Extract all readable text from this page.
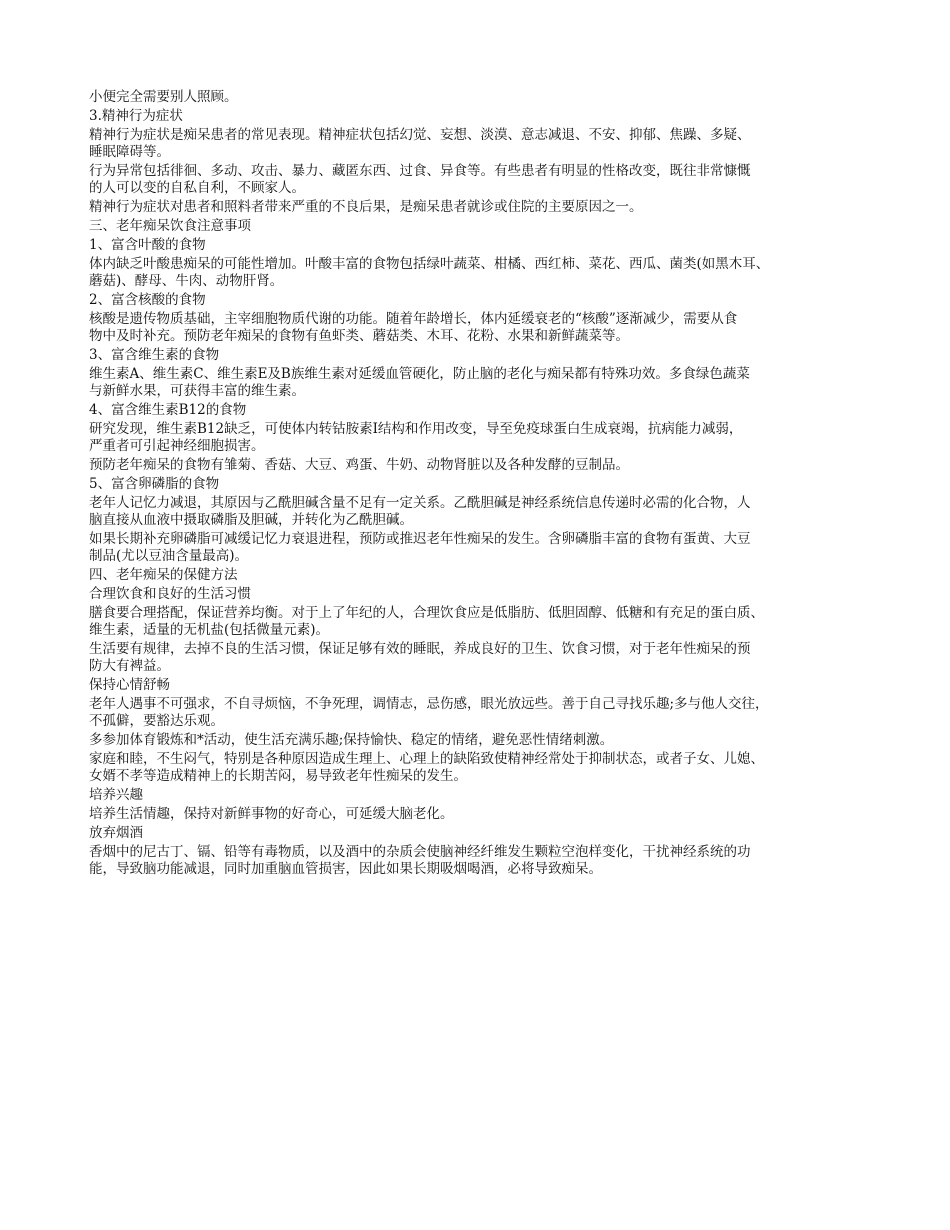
小便完全需要别人照顾。
3.精神行为症状
精神行为症状是痴呆患者的常见表现。精神症状包括幻觉、妄想、淡漠、意志减退、不安、抑郁、焦躁、多疑、
睡眠障碍等。
行为异常包括徘徊、多动、攻击、暴力、藏匿东西、过食、异食等。有些患者有明显的性格改变，既往非常慷慨
的人可以变的自私自利，不顾家人。
精神行为症状对患者和照料者带来严重的不良后果，是痴呆患者就诊或住院的主要原因之一。
三、老年痴呆饮食注意事项
1、富含叶酸的食物
体内缺乏叶酸患痴呆的可能性增加。叶酸丰富的食物包括绿叶蔬菜、柑橘、西红柿、菜花、西瓜、菌类(如黑木耳、
蘑菇)、酵母、牛肉、动物肝肾。
2、富含核酸的食物
核酸是遗传物质基础，主宰细胞物质代谢的功能。随着年龄增长，体内延缓衰老的“核酸”逐渐减少，需要从食
物中及时补充。预防老年痴呆的食物有鱼虾类、蘑菇类、木耳、花粉、水果和新鲜蔬菜等。
3、富含维生素的食物
维生素A、维生素C、维生素E及B族维生素对延缓血管硬化，防止脑的老化与痴呆都有特殊功效。多食绿色蔬菜
与新鲜水果，可获得丰富的维生素。
4、富含维生素B12的食物
研究发现，维生素B12缺乏，可使体内转钴胺素Ⅰ结构和作用改变，导至免疫球蛋白生成衰竭，抗病能力减弱，
严重者可引起神经细胞损害。
预防老年痴呆的食物有雏菊、香菇、大豆、鸡蛋、牛奶、动物肾脏以及各种发酵的豆制品。
5、富含卵磷脂的食物
老年人记忆力减退，其原因与乙酰胆碱含量不足有一定关系。乙酰胆碱是神经系统信息传递时必需的化合物，人
脑直接从血液中摄取磷脂及胆碱，并转化为乙酰胆碱。
如果长期补充卵磷脂可减缓记忆力衰退进程，预防或推迟老年性痴呆的发生。含卵磷脂丰富的食物有蛋黄、大豆
制品(尤以豆油含量最高)。
四、老年痴呆的保健方法
合理饮食和良好的生活习惯
膳食要合理搭配，保证营养均衡。对于上了年纪的人，合理饮食应是低脂肪、低胆固醇、低糖和有充足的蛋白质、
维生素，适量的无机盐(包括微量元素)。
生活要有规律，去掉不良的生活习惯，保证足够有效的睡眠，养成良好的卫生、饮食习惯，对于老年性痴呆的预
防大有裨益。
保持心情舒畅
老年人遇事不可强求，不自寻烦恼，不争死理，调情志，忌伤感，眼光放远些。善于自己寻找乐趣;多与他人交往，
不孤僻，要豁达乐观。
多参加体育锻炼和*活动，使生活充满乐趣;保持愉快、稳定的情绪，避免恶性情绪刺激。
家庭和睦，不生闷气，特别是各种原因造成生理上、心理上的缺陷致使精神经常处于抑制状态，或者子女、儿媳、
女婿不孝等造成精神上的长期苦闷，易导致老年性痴呆的发生。
培养兴趣
培养生活情趣，保持对新鲜事物的好奇心，可延缓大脑老化。
放弃烟酒
香烟中的尼古丁、镉、铅等有毒物质，以及酒中的杂质会使脑神经纤维发生颗粒空泡样变化，干扰神经系统的功
能，导致脑功能减退，同时加重脑血管损害，因此如果长期吸烟喝酒，必将导致痴呆。
